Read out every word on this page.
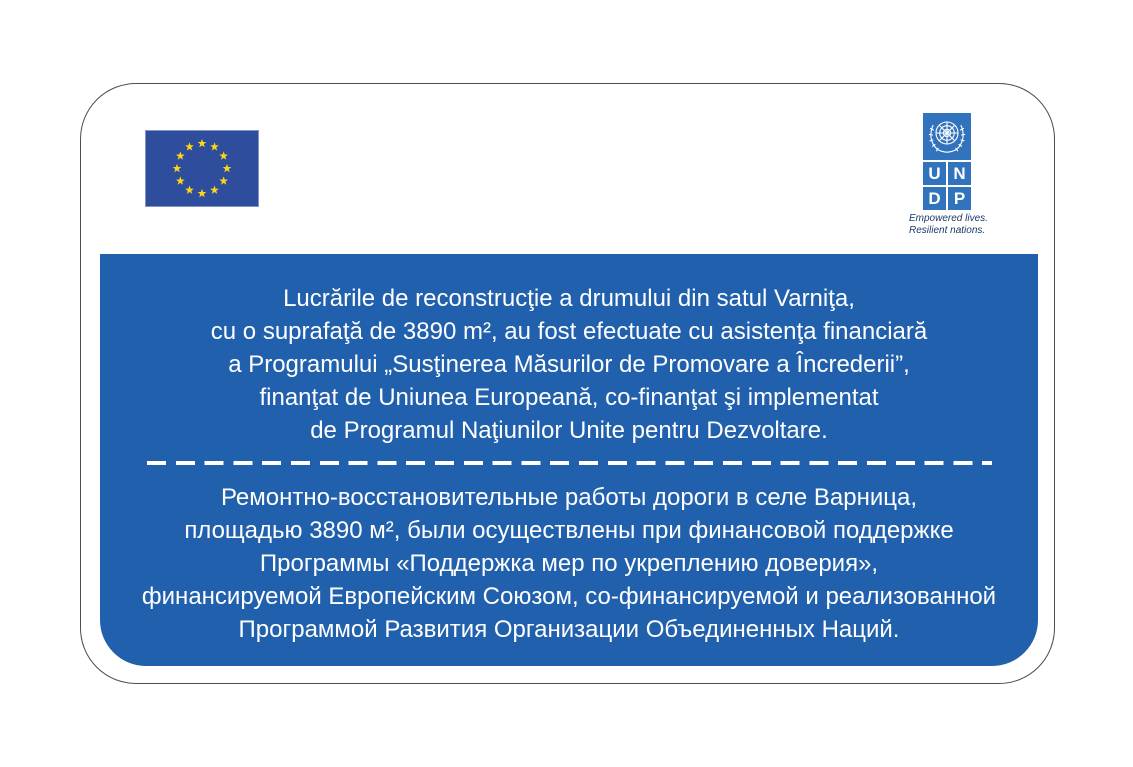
U N
D P
Empowered lives.
Resilient nations.
Lucrările de reconstrucţie a drumului din satul Varniţa,
cu o suprafaţă de 3890 m², au fost efectuate cu asistenţa financiară
a Programului „Susţinerea Măsurilor de Promovare a Încrederii”,
finanţat de Uniunea Europeană, co-finanţat şi implementat
de Programul Naţiunilor Unite pentru Dezvoltare.
Ремонтно-восстановительные работы дороги в селе Варница,
площадью 3890 м², были осуществлены при финансовой поддержке
Программы «Поддержка мер по укреплению доверия»,
финансируемой Европейским Союзом, со-финансируемой и реализованной
Программой Развития Организации Объединенных Наций.
